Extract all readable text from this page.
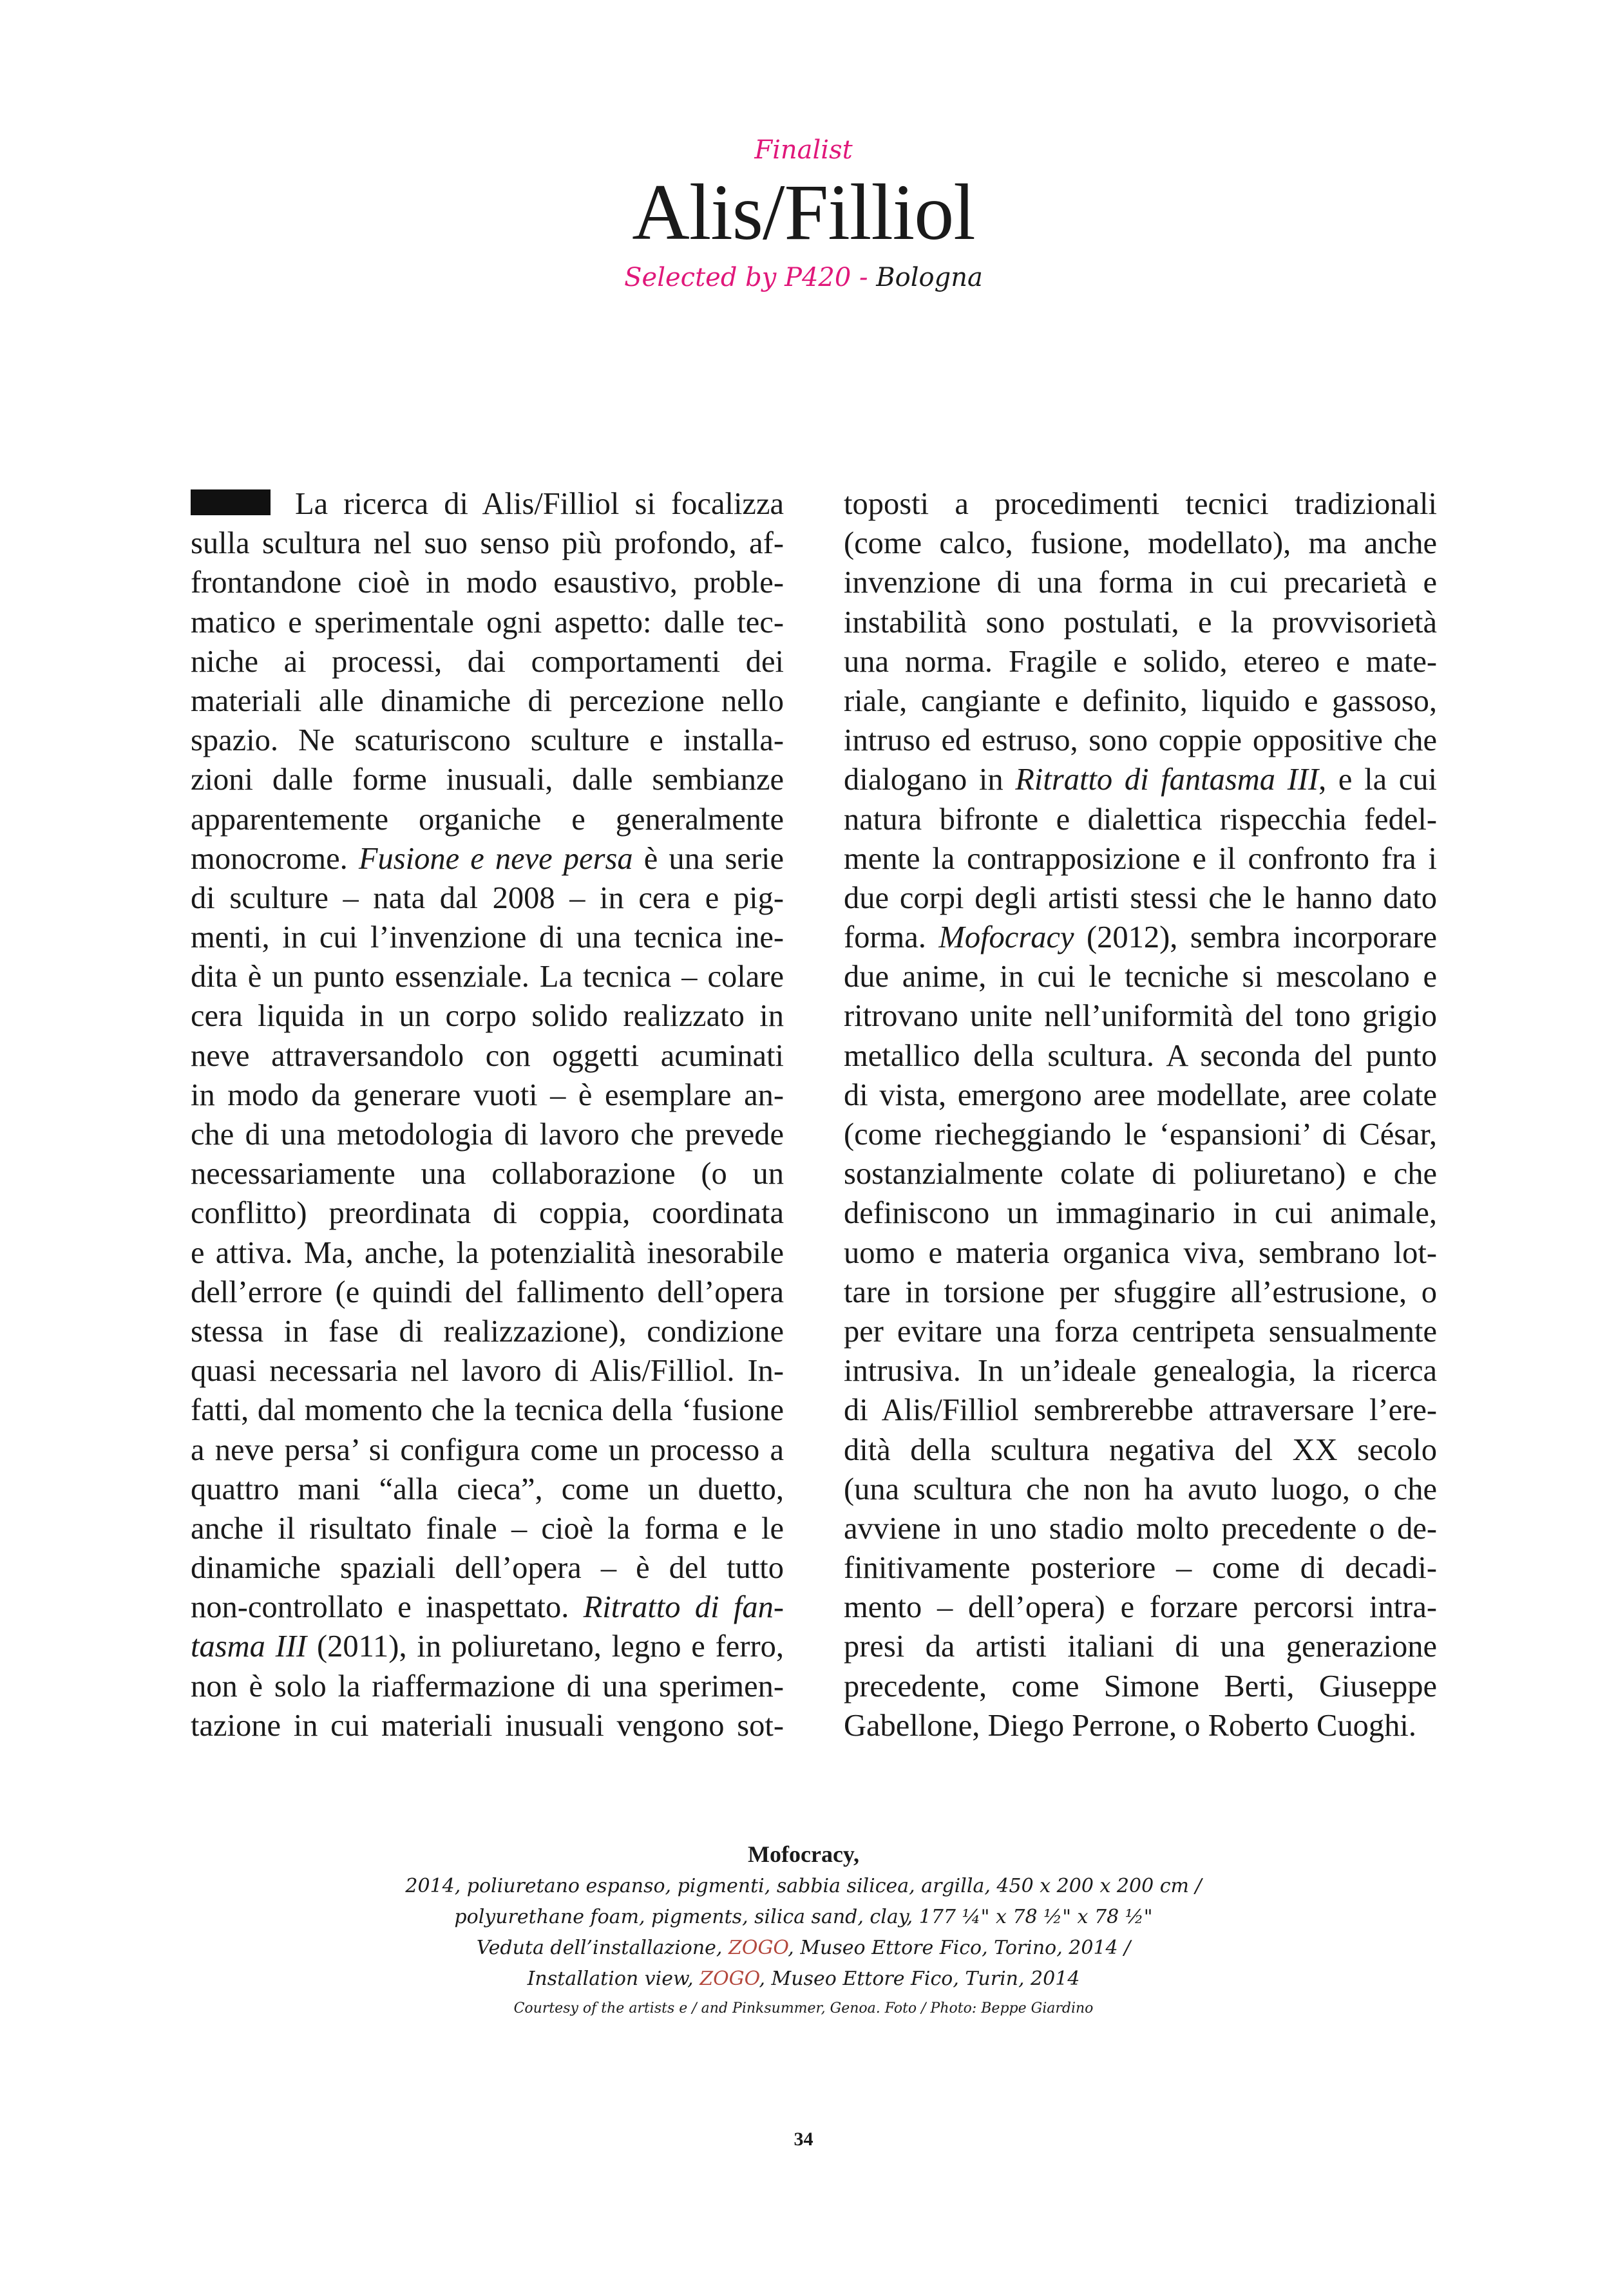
Finalist
Alis/Filliol
Selected by P420 - Bologna
La ricerca di Alis/Filliol si focalizza
sulla scultura nel suo senso più profondo, af-
frontandone cioè in modo esaustivo, proble-
matico e sperimentale ogni aspetto: dalle tec-
niche ai processi, dai comportamenti dei
materiali alle dinamiche di percezione nello
spazio. Ne scaturiscono sculture e installa-
zioni dalle forme inusuali, dalle sembianze
apparentemente organiche e generalmente
monocrome. Fusione e neve persa è una serie
di sculture – nata dal 2008 – in cera e pig-
menti, in cui l’invenzione di una tecnica ine-
dita è un punto essenziale. La tecnica – colare
cera liquida in un corpo solido realizzato in
neve attraversandolo con oggetti acuminati
in modo da generare vuoti – è esemplare an-
che di una metodologia di lavoro che prevede
necessariamente una collaborazione (o un
conflitto) preordinata di coppia, coordinata
e attiva. Ma, anche, la potenzialità inesorabile
dell’errore (e quindi del fallimento dell’opera
stessa in fase di realizzazione), condizione
quasi necessaria nel lavoro di Alis/Filliol. In-
fatti, dal momento che la tecnica della ‘fusione
a neve persa’ si configura come un processo a
quattro mani “alla cieca”, come un duetto,
anche il risultato finale – cioè la forma e le
dinamiche spaziali dell’opera – è del tutto
non-controllato e inaspettato. Ritratto di fan-
tasma III (2011), in poliuretano, legno e ferro,
non è solo la riaffermazione di una sperimen-
tazione in cui materiali inusuali vengono sot-
toposti a procedimenti tecnici tradizionali
(come calco, fusione, modellato), ma anche
invenzione di una forma in cui precarietà e
instabilità sono postulati, e la provvisorietà
una norma. Fragile e solido, etereo e mate-
riale, cangiante e definito, liquido e gassoso,
intruso ed estruso, sono coppie oppositive che
dialogano in Ritratto di fantasma III, e la cui
natura bifronte e dialettica rispecchia fedel-
mente la contrapposizione e il confronto fra i
due corpi degli artisti stessi che le hanno dato
forma. Mofocracy (2012), sembra incorporare
due anime, in cui le tecniche si mescolano e
ritrovano unite nell’uniformità del tono grigio
metallico della scultura. A seconda del punto
di vista, emergono aree modellate, aree colate
(come riecheggiando le ‘espansioni’ di César,
sostanzialmente colate di poliuretano) e che
definiscono un immaginario in cui animale,
uomo e materia organica viva, sembrano lot-
tare in torsione per sfuggire all’estrusione, o
per evitare una forza centripeta sensualmente
intrusiva. In un’ideale genealogia, la ricerca
di Alis/Filliol sembrerebbe attraversare l’ere-
dità della scultura negativa del XX secolo
(una scultura che non ha avuto luogo, o che
avviene in uno stadio molto precedente o de-
finitivamente posteriore – come di decadi-
mento – dell’opera) e forzare percorsi intra-
presi da artisti italiani di una generazione
precedente, come Simone Berti, Giuseppe
Gabellone, Diego Perrone, o Roberto Cuoghi.
Mofocracy,
2014, poliuretano espanso, pigmenti, sabbia silicea, argilla, 450 x 200 x 200 cm /
polyurethane foam, pigments, silica sand, clay, 177 ¼" x 78 ½" x 78 ½"
Veduta dell’installazione, ZOGO, Museo Ettore Fico, Torino, 2014 /
Installation view, ZOGO, Museo Ettore Fico, Turin, 2014
Courtesy of the artists e / and Pinksummer, Genoa. Foto / Photo: Beppe Giardino
34
